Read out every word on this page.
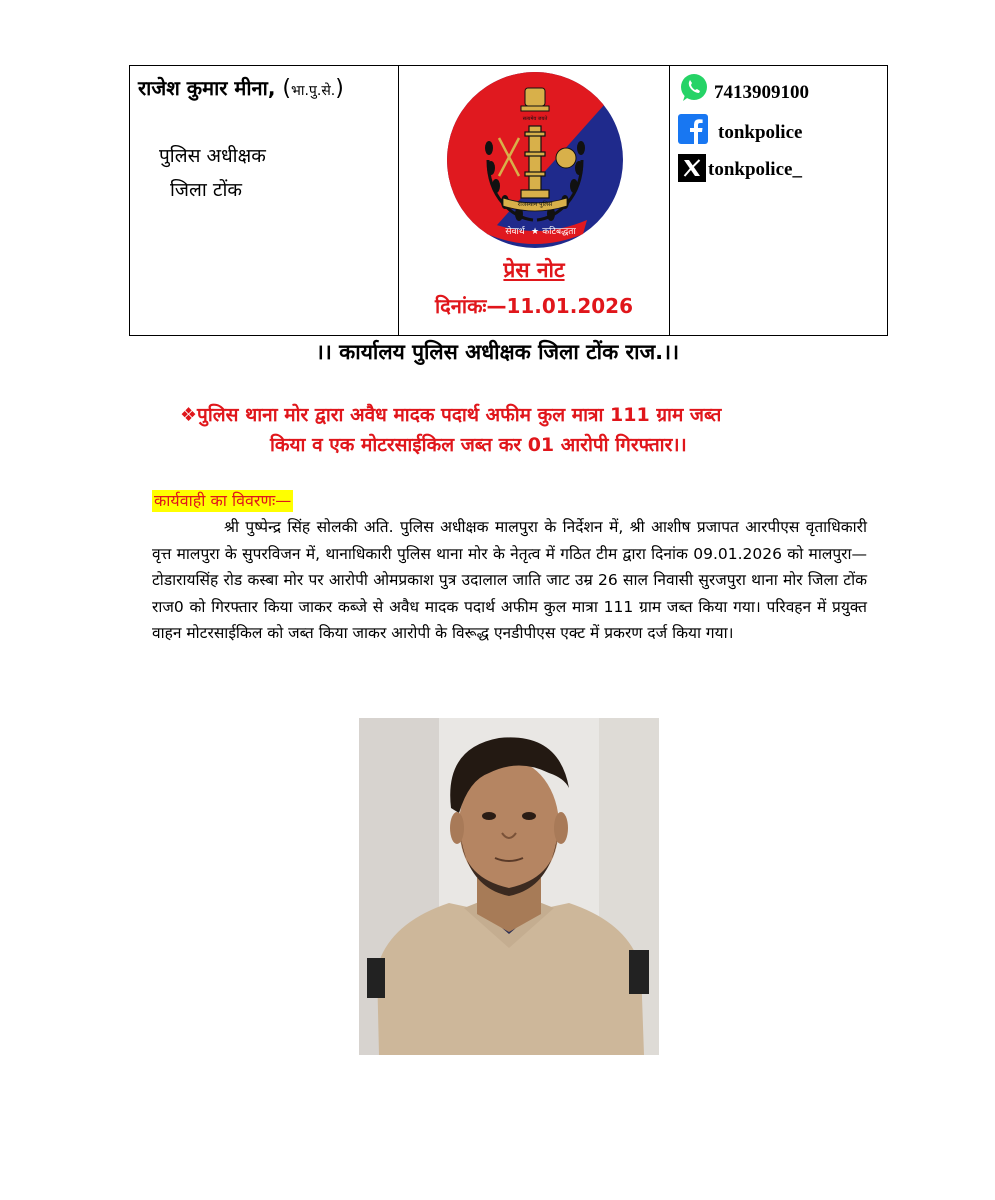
राजेश कुमार मीना, (भा.पु.से.)
पुलिस अधीक्षक
जिला टोंक
सत्यमेव जयते
राजस्थान पुलिस
सेवार्थ ★ कटिबद्धता
प्रेस नोट
दिनांकः—11.01.2026
7413909100
tonkpolice
tonkpolice_
।। कार्यालय पुलिस अधीक्षक जिला टोंक राज.।।
❖पुलिस थाना मोर द्वारा अवैध मादक पदार्थ अफीम कुल मात्रा 111 ग्राम जब्त
किया व एक मोटरसाईकिल जब्त कर 01 आरोपी गिरफ्तार।।
कार्यवाही का विवरणः—
श्री पुष्पेन्द्र सिंह सोलकी अति. पुलिस अधीक्षक मालपुरा के निर्देशन में, श्री आशीष प्रजापत आरपीएस वृताधिकारी वृत्त मालपुरा के सुपरविजन में, थानाधिकारी पुलिस थाना मोर के नेतृत्व में गठित टीम द्वारा दिनांक 09.01.2026 को मालपुरा—टोडारायसिंह रोड कस्बा मोर पर आरोपी ओमप्रकाश पुत्र उदालाल जाति जाट उम्र 26 साल निवासी सुरजपुरा थाना मोर जिला टोंक राज0 को गिरफ्तार किया जाकर कब्जे से अवैध मादक पदार्थ अफीम कुल मात्रा 111 ग्राम जब्त किया गया। परिवहन में प्रयुक्त वाहन मोटरसाईकिल को जब्त किया जाकर आरोपी के विरूद्ध एनडीपीएस एक्ट में प्रकरण दर्ज किया गया।
